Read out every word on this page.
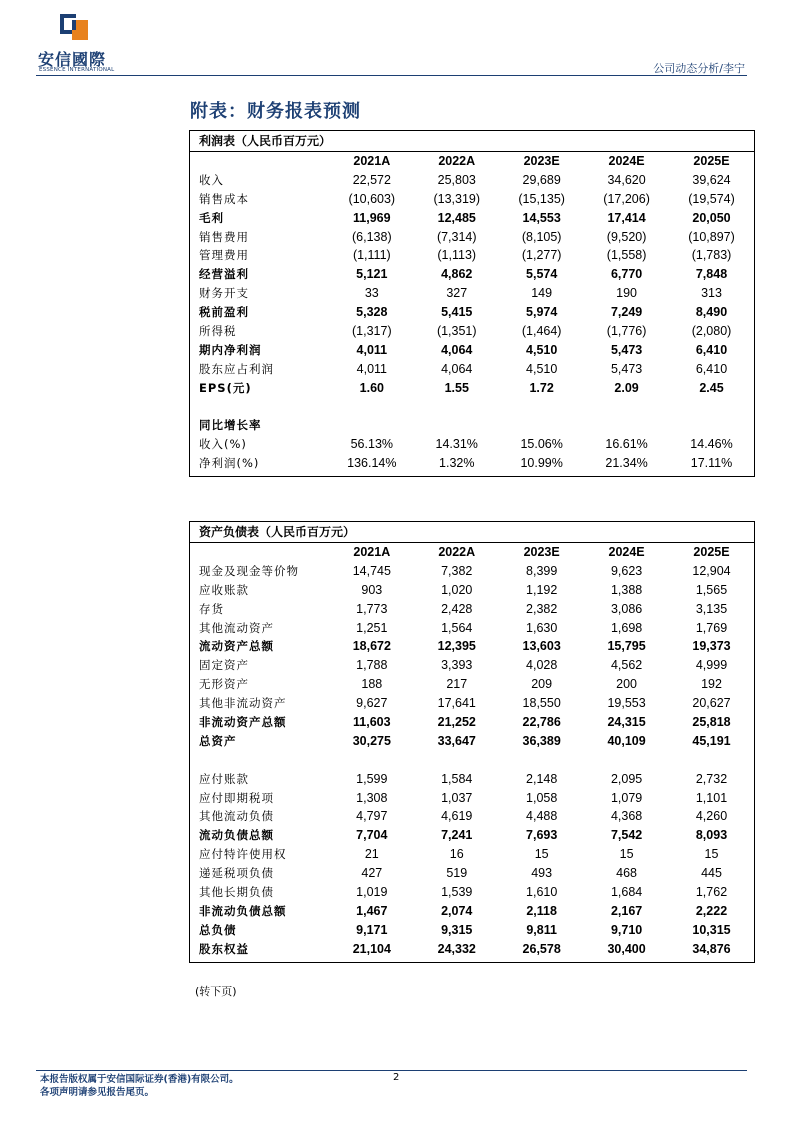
安信國際
ESSENCE INTERNATIONAL	公司动态分析/李宁
附表：财务报表预测
利润表（人民币百万元）
2021A	2022A	2023E	2024E	2025E
收入	22,572	25,803	29,689	34,620	39,624
销售成本	(10,603)	(13,319)	(15,135)	(17,206)	(19,574)
毛利	11,969	12,485	14,553	17,414	20,050
销售费用	(6,138)	(7,314)	(8,105)	(9,520)	(10,897)
管理费用	(1,111)	(1,113)	(1,277)	(1,558)	(1,783)
经营溢利	5,121	4,862	5,574	6,770	7,848
财务开支	33	327	149	190	313
税前盈利	5,328	5,415	5,974	7,249	8,490
所得税	(1,317)	(1,351)	(1,464)	(1,776)	(2,080)
期内净利润	4,011	4,064	4,510	5,473	6,410
股东应占利润	4,011	4,064	4,510	5,473	6,410
EPS(元)	1.60	1.55	1.72	2.09	2.45
同比增长率
收入(%)	56.13%	14.31%	15.06%	16.61%	14.46%
净利润(%)	136.14%	1.32%	10.99%	21.34%	17.11%
资产负债表（人民币百万元）
2021A	2022A	2023E	2024E	2025E
现金及现金等价物	14,745	7,382	8,399	9,623	12,904
应收账款	903	1,020	1,192	1,388	1,565
存货	1,773	2,428	2,382	3,086	3,135
其他流动资产	1,251	1,564	1,630	1,698	1,769
流动资产总额	18,672	12,395	13,603	15,795	19,373
固定资产	1,788	3,393	4,028	4,562	4,999
无形资产	188	217	209	200	192
其他非流动资产	9,627	17,641	18,550	19,553	20,627
非流动资产总额	11,603	21,252	22,786	24,315	25,818
总资产	30,275	33,647	36,389	40,109	45,191
应付账款	1,599	1,584	2,148	2,095	2,732
应付即期税项	1,308	1,037	1,058	1,079	1,101
其他流动负债	4,797	4,619	4,488	4,368	4,260
流动负债总额	7,704	7,241	7,693	7,542	8,093
应付特许使用权	21	16	15	15	15
递延税项负债	427	519	493	468	445
其他长期负债	1,019	1,539	1,610	1,684	1,762
非流动负债总额	1,467	2,074	2,118	2,167	2,222
总负债	9,171	9,315	9,811	9,710	10,315
股东权益	21,104	24,332	26,578	30,400	34,876
(转下页)
本报告版权属于安信国际证券(香港)有限公司。
各项声明请参见报告尾页。
2
